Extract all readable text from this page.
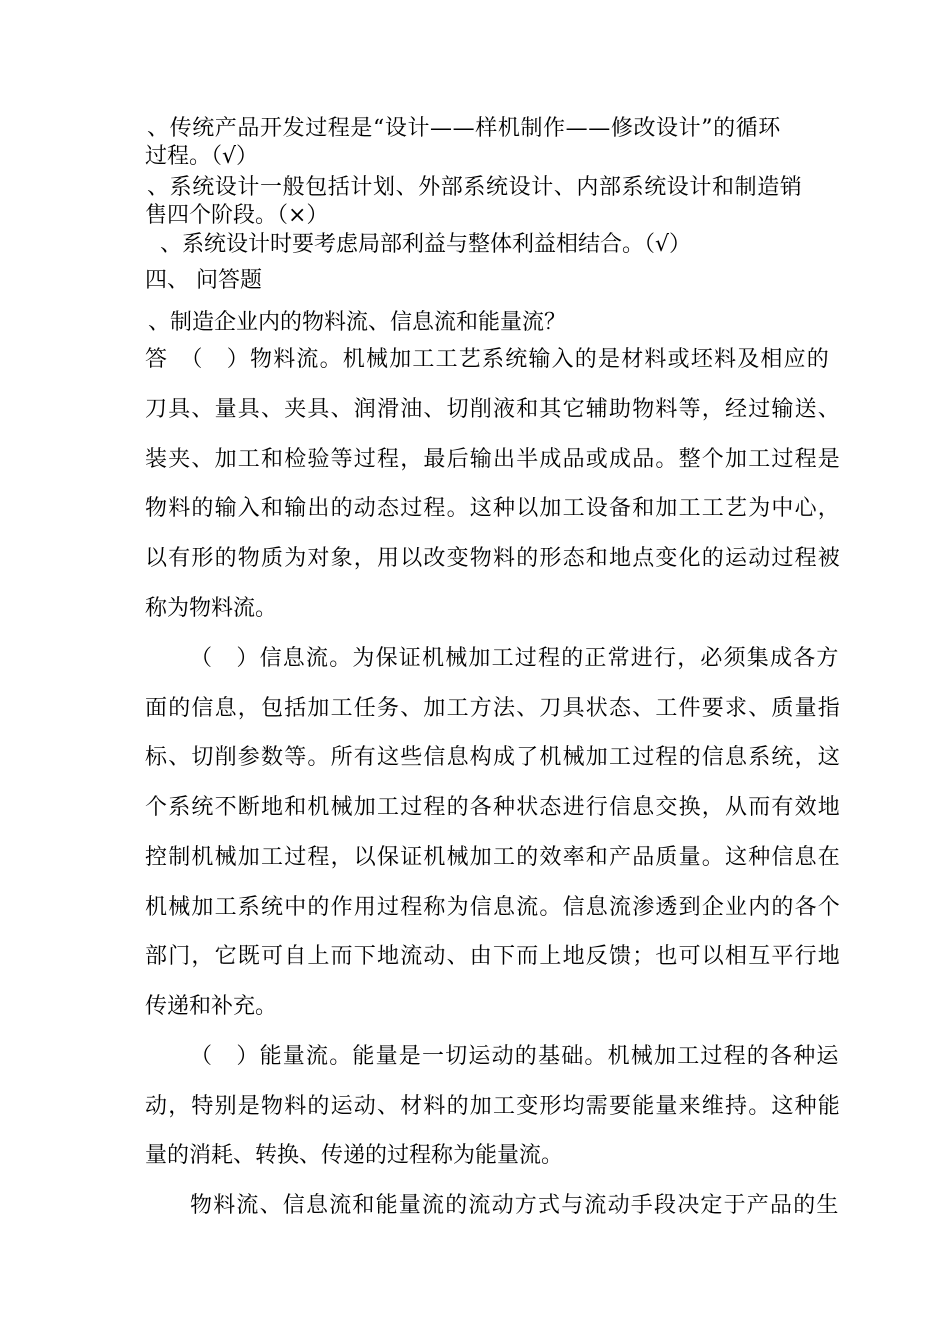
、传统产品开发过程是“设计——样机制作——修改设计”的循环
过程。（√）
、系统设计一般包括计划、外部系统设计、内部系统设计和制造销
售四个阶段。（×）
、系统设计时要考虑局部利益与整体利益相结合。（√）
四、 问答题
、制造企业内的物料流、信息流和能量流？
答　（　）物料流。机械加工工艺系统输入的是材料或坯料及相应的
刀具、量具、夹具、润滑油、切削液和其它辅助物料等，经过输送、
装夹、加工和检验等过程，最后输出半成品或成品。整个加工过程是
物料的输入和输出的动态过程。这种以加工设备和加工工艺为中心，
以有形的物质为对象，用以改变物料的形态和地点变化的运动过程被
称为物料流。
（　）信息流。为保证机械加工过程的正常进行，必须集成各方
面的信息，包括加工任务、加工方法、刀具状态、工件要求、质量指
标、切削参数等。所有这些信息构成了机械加工过程的信息系统，这
个系统不断地和机械加工过程的各种状态进行信息交换，从而有效地
控制机械加工过程，以保证机械加工的效率和产品质量。这种信息在
机械加工系统中的作用过程称为信息流。信息流渗透到企业内的各个
部门，它既可自上而下地流动、由下而上地反馈；也可以相互平行地
传递和补充。
（　）能量流。能量是一切运动的基础。机械加工过程的各种运
动，特别是物料的运动、材料的加工变形均需要能量来维持。这种能
量的消耗、转换、传递的过程称为能量流。
物料流、信息流和能量流的流动方式与流动手段决定于产品的生
